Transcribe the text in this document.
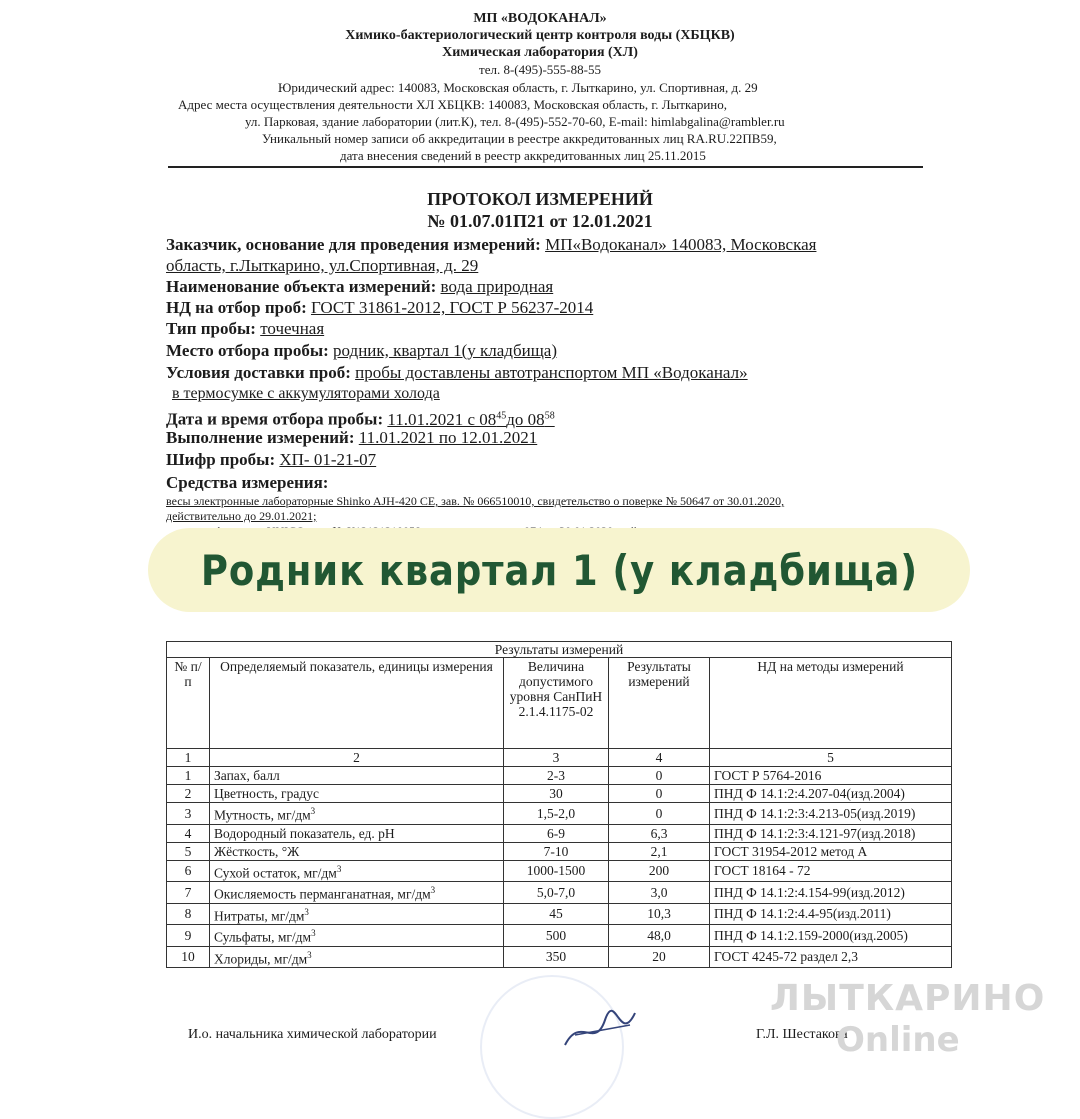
МП «ВОДОКАНАЛ»
Химико-бактериологический центр контроля воды (ХБЦКВ)
Химическая лаборатория (ХЛ)
тел. 8-(495)-555-88-55
Юридический адрес: 140083, Московская область, г. Лыткарино, ул. Спортивная, д. 29
Адрес места осуществления деятельности ХЛ ХБЦКВ: 140083, Московская область, г. Лыткарино,
ул. Парковая, здание лаборатории (лит.К), тел. 8-(495)-552-70-60, E-mail: himlabgalina@rambler.ru
Уникальный номер записи об аккредитации в реестре аккредитованных лиц RA.RU.22ПВ59,
дата внесения сведений в реестр аккредитованных лиц 25.11.2015
ПРОТОКОЛ ИЗМЕРЕНИЙ
№ 01.07.01П21 от 12.01.2021
Заказчик, основание для проведения измерений: МП«Водоканал» 140083, Московская
область, г.Лыткарино, ул.Спортивная, д. 29
Наименование объекта измерений: вода природная
НД на отбор проб: ГОСТ 31861-2012, ГОСТ Р 56237-2014
Тип пробы: точечная
Место отбора пробы: родник, квартал 1(у кладбища)
Условия доставки проб: пробы доставлены автотранспортом МП «Водоканал»
в термосумке с аккумуляторами холода
Дата и время отбора пробы: 11.01.2021 с $08^{45}до$ $08^{58}$
Выполнение измерений: 11.01.2021 по 12.01.2021
Шифр пробы: ХП- 01-21-07
Средства измерения:
весы электронные лабораторные Shinko AJH-420 CE, зав. № 066510010, свидетельство о поверке № 50647 от 30.01.2020,
действительно до 29.01.2021;
Родник квартал 1 (у кладбища)
Результаты измерений				
№ п/п	Определяемый показатель, единицы измерения	Величина допустимого уровня СанПиН 2.1.4.1175-02	Результаты измерений	НД на методы измерений
1	2	3	4	5
1	Запах, балл	2-3	0	ГОСТ Р 5764-2016
2	Цветность, градус	30	0	ПНД Ф 14.1:2:4.207-04(изд.2004)
3	Мутность, $мг/дм^3$	1,5-2,0	0	ПНД Ф 14.1:2:3:4.213-05(изд.2019)
4	Водородный показатель, ед. pH	6-9	6,3	ПНД Ф 14.1:2:3:4.121-97(изд.2018)
5	Жёсткость, °Ж	7-10	2,1	ГОСТ 31954-2012 метод А
6	Сухой остаток, $мг/дм^3$	1000-1500	200	ГОСТ 18164 - 72
7	Окисляемость перманганатная, $мг/дм^3$	5,0-7,0	3,0	ПНД Ф 14.1:2:4.154-99(изд.2012)
8	Нитраты, $мг/дм^3$	45	10,3	ПНД Ф 14.1:2:4.4-95(изд.2011)
9	Сульфаты, $мг/дм^3$	500	48,0	ПНД Ф 14.1:2.159-2000(изд.2005)
10	Хлориды, $мг/дм^3$	350	20	ГОСТ 4245-72 раздел 2,3
И.о. начальника химической лаборатории	Г.Л. Шестакова
ЛЫТКАРИНО
Online
